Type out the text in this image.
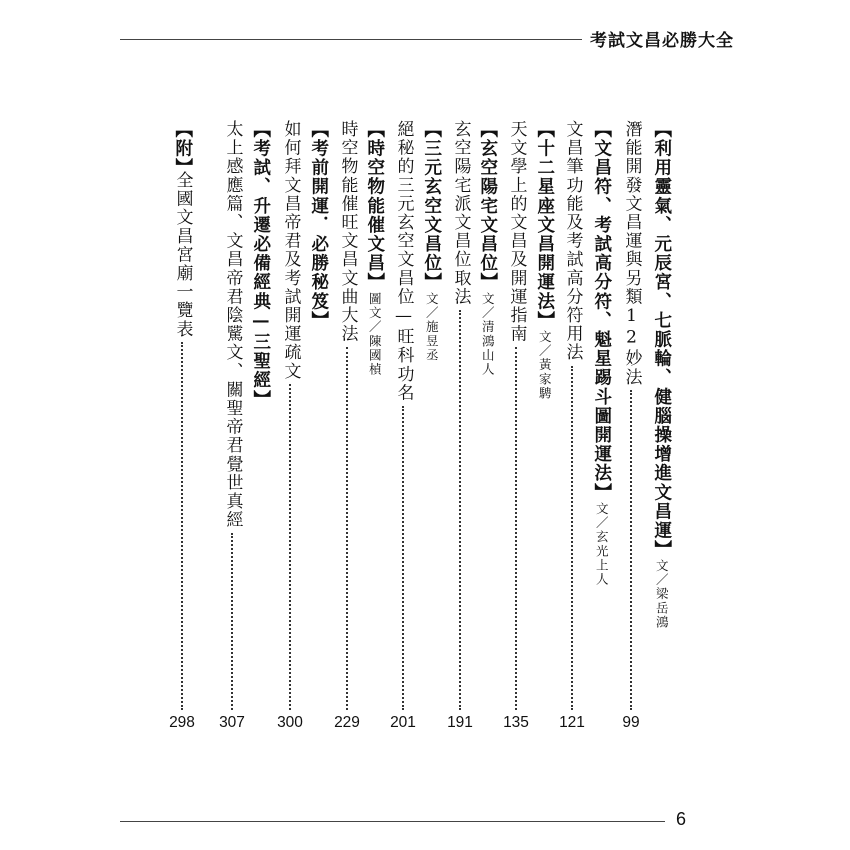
考試文昌必勝大全
【利用靈氣、元辰宮、七脈輪、健腦操增進文昌運】
文／梁岳鴻
潛能開發文昌運與另類12妙法
99
【文昌符、考試高分符、魁星踢斗圖開運法】
文／玄光上人
文昌筆功能及考試高分符用法
121
【十二星座文昌開運法】
文／黃家騁
天文學上的文昌及開運指南
135
【玄空陽宅文昌位】
文／清鴻山人
玄空陽宅派文昌位取法
191
【三元玄空文昌位】
文／施昱丞
絕秘的三元玄空文昌位—旺科功名
201
【時空物能催文昌】
圖文／陳國楨
時空物能催旺文昌文曲大法
229
【考前開運．必勝秘笈】
如何拜文昌帝君及考試開運疏文
300
【考試、升遷必備經典—三聖經】
太上感應篇、文昌帝君陰騭文、關聖帝君覺世真經
307
【附】
全國文昌宮廟一覽表
298
6
